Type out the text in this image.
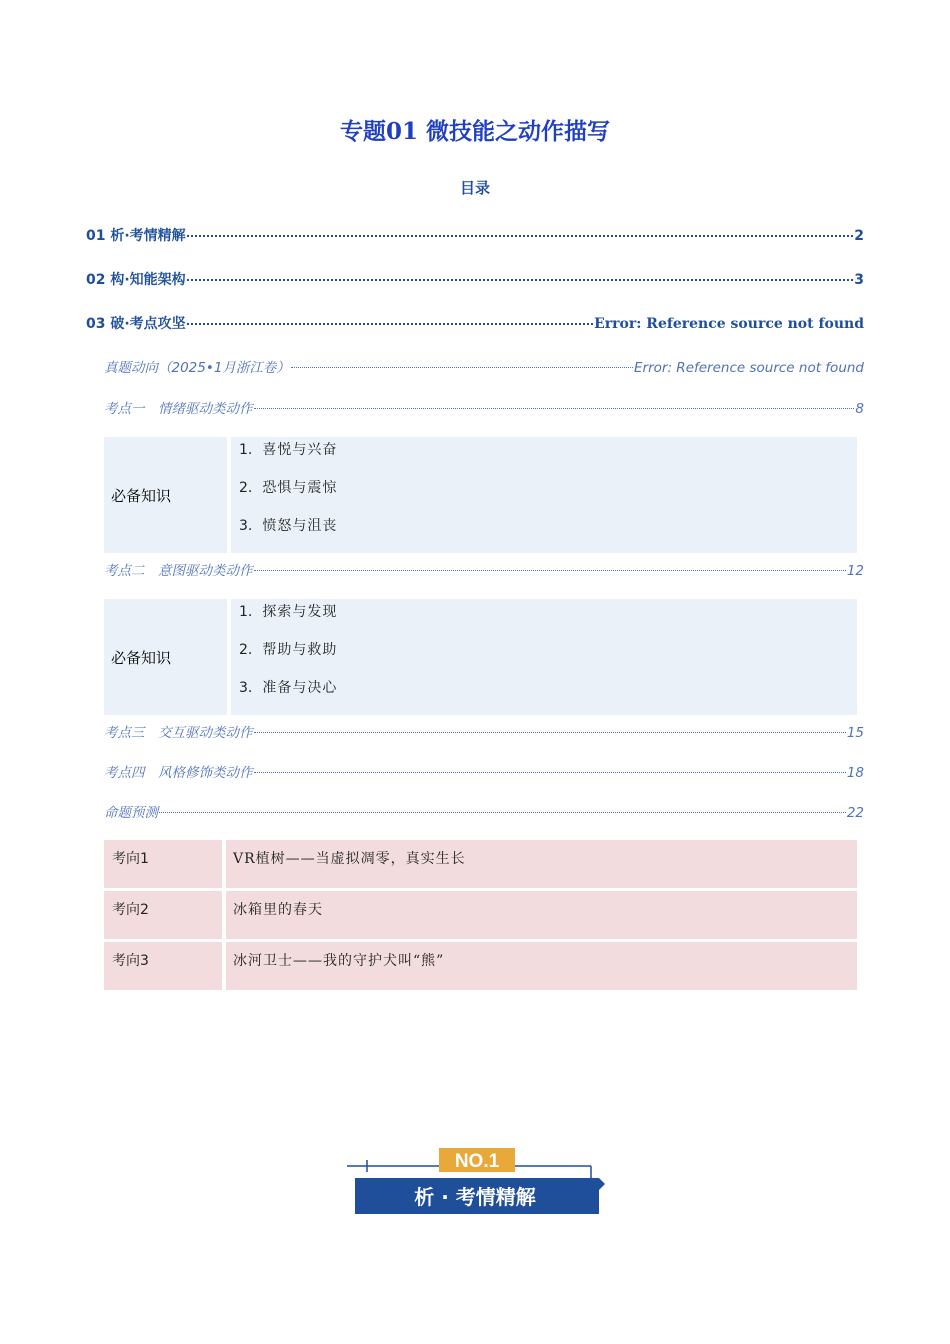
专题01 微技能之动作描写
目录
01 析·考情精解	2
02 构·知能架构	3
03 破·考点攻坚	Error: Reference source not found
真题动向（2025•1月浙江卷）	Error: Reference source not found
考点一　情绪驱动类动作	8
必备知识
1. 喜悦与兴奋
2. 恐惧与震惊
3. 愤怒与沮丧
考点二　意图驱动类动作	12
必备知识
1. 探索与发现
2. 帮助与救助
3. 准备与决心
考点三　交互驱动类动作	15
考点四　风格修饰类动作	18
命题预测	22
考向1	VR植树——当虚拟凋零，真实生长
考向2	冰箱里的春天
考向3	冰河卫士——我的守护犬叫“熊”
NO.1
析 · 考情精解
